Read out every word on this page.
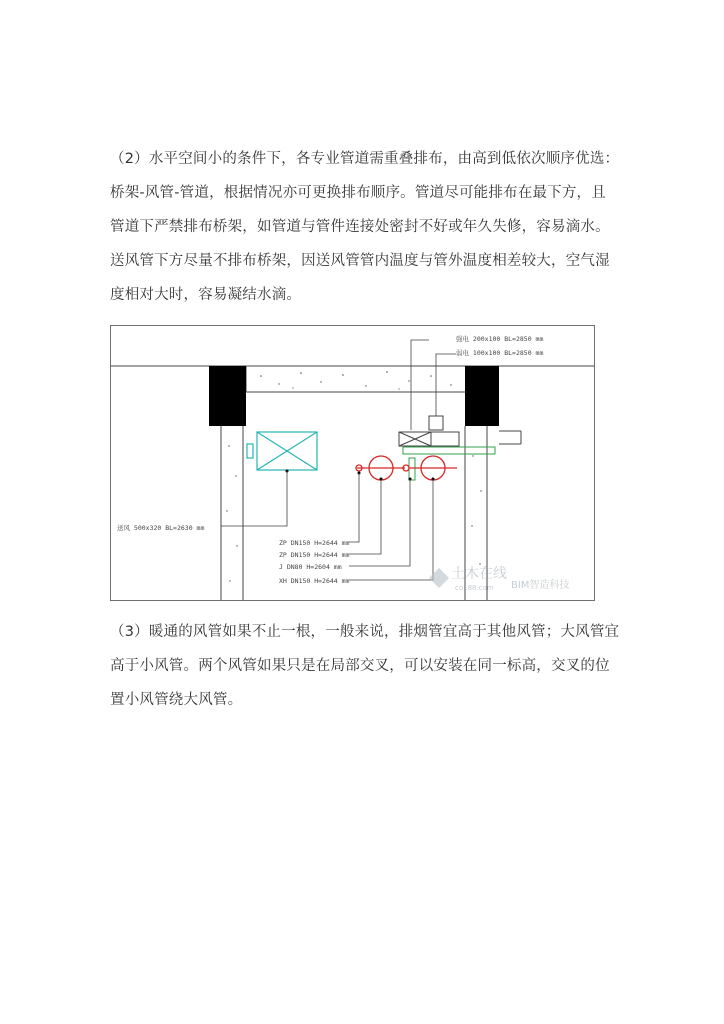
（2）水平空间小的条件下，各专业管道需重叠排布，由高到低依次顺序优选：
桥架-风管-管道，根据情况亦可更换排布顺序。管道尽可能排布在最下方，且
管道下严禁排布桥架，如管道与管件连接处密封不好或年久失修，容易滴水。
送风管下方尽量不排布桥架，因送风管管内温度与管外温度相差较大，空气湿
度相对大时，容易凝结水滴。
强电 200x100 BL=2850 mm
弱电 100x100 BL=2850 mm
送风 500x320 BL=2630 mm
ZP DN150 H=2644 mm
ZP DN150 H=2644 mm
J DN80 H=2604 mm
XH DN150 H=2644 mm	土木在线
co188.com BIM智造科技
（3）暖通的风管如果不止一根，一般来说，排烟管宜高于其他风管；大风管宜
高于小风管。两个风管如果只是在局部交叉，可以安装在同一标高，交叉的位
置小风管绕大风管。
